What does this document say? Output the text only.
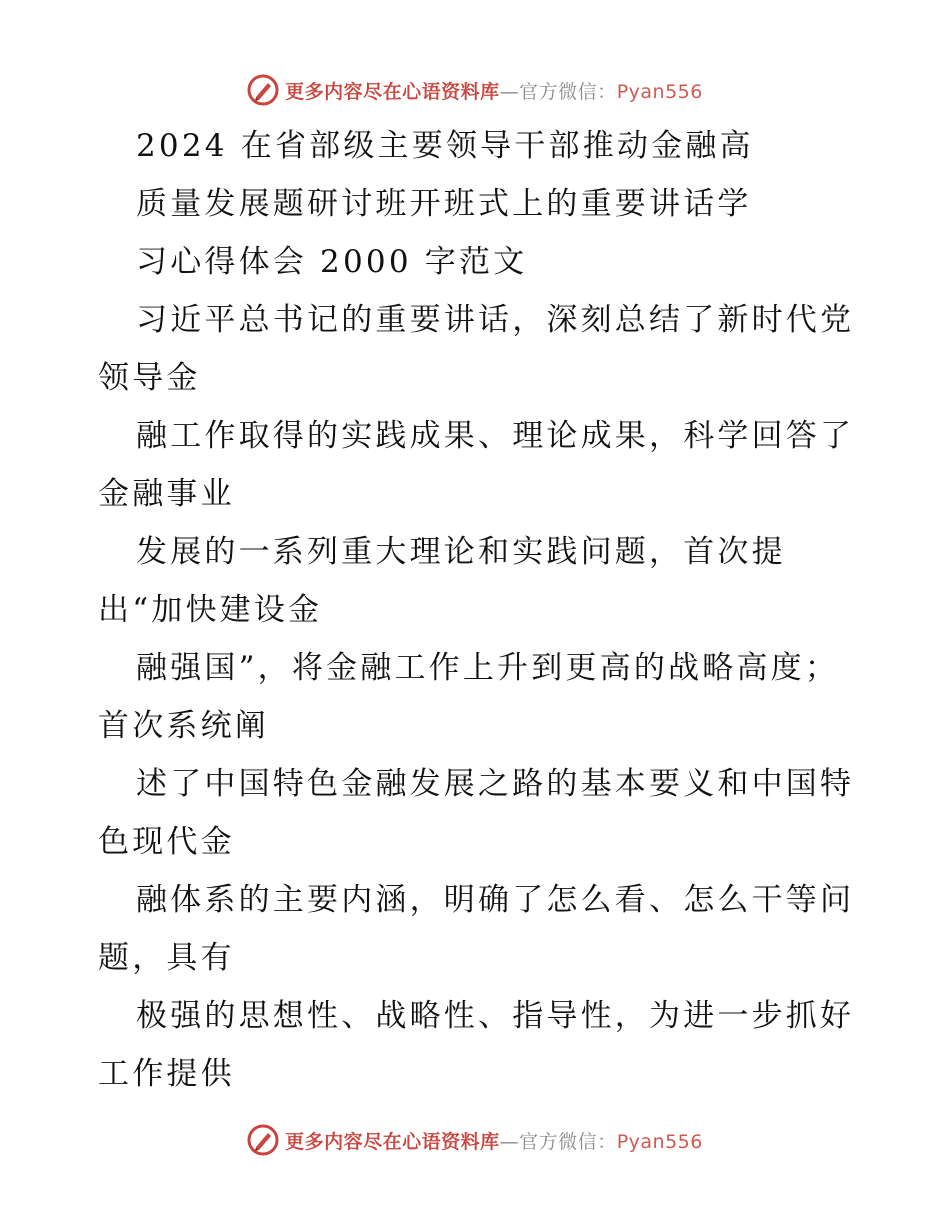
更多内容尽在心语资料库—官方微信：Pyan556
2024 在省部级主要领导干部推动金融高
质量发展题研讨班开班式上的重要讲话学
习心得体会 2000 字范文
习近平总书记的重要讲话，深刻总结了新时代党
领导金
融工作取得的实践成果、理论成果，科学回答了
金融事业
发展的一系列重大理论和实践问题，首次提
出“加快建设金
融强国”，将金融工作上升到更高的战略高度；
首次系统阐
述了中国特色金融发展之路的基本要义和中国特
色现代金
融体系的主要内涵，明确了怎么看、怎么干等问
题，具有
极强的思想性、战略性、指导性，为进一步抓好
工作提供
更多内容尽在心语资料库—官方微信：Pyan556
